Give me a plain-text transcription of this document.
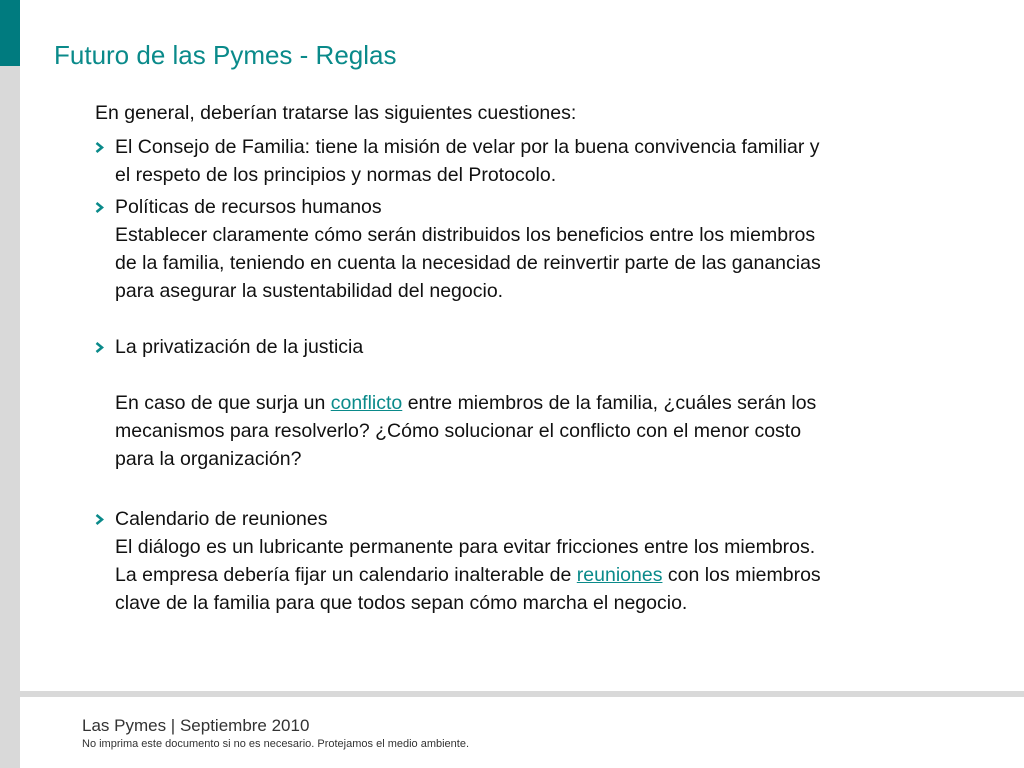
Futuro de las Pymes - Reglas
En general, deberían tratarse las siguientes cuestiones:
El Consejo de Familia: tiene la misión de velar por la buena convivencia familiar y
el respeto de los principios y normas del Protocolo.
Políticas de recursos humanos
Establecer claramente cómo serán distribuidos los beneficios entre los miembros
de la familia, teniendo en cuenta la necesidad de reinvertir parte de las ganancias
para asegurar la sustentabilidad del negocio.
La privatización de la justicia
En caso de que surja un conflicto entre miembros de la familia, ¿cuáles serán los
mecanismos para resolverlo? ¿Cómo solucionar el conflicto con el menor costo
para la organización?
Calendario de reuniones
El diálogo es un lubricante permanente para evitar fricciones entre los miembros.
La empresa debería fijar un calendario inalterable de reuniones con los miembros
clave de la familia para que todos sepan cómo marcha el negocio.
Las Pymes | Septiembre 2010
No imprima este documento si no es necesario. Protejamos el medio ambiente.
